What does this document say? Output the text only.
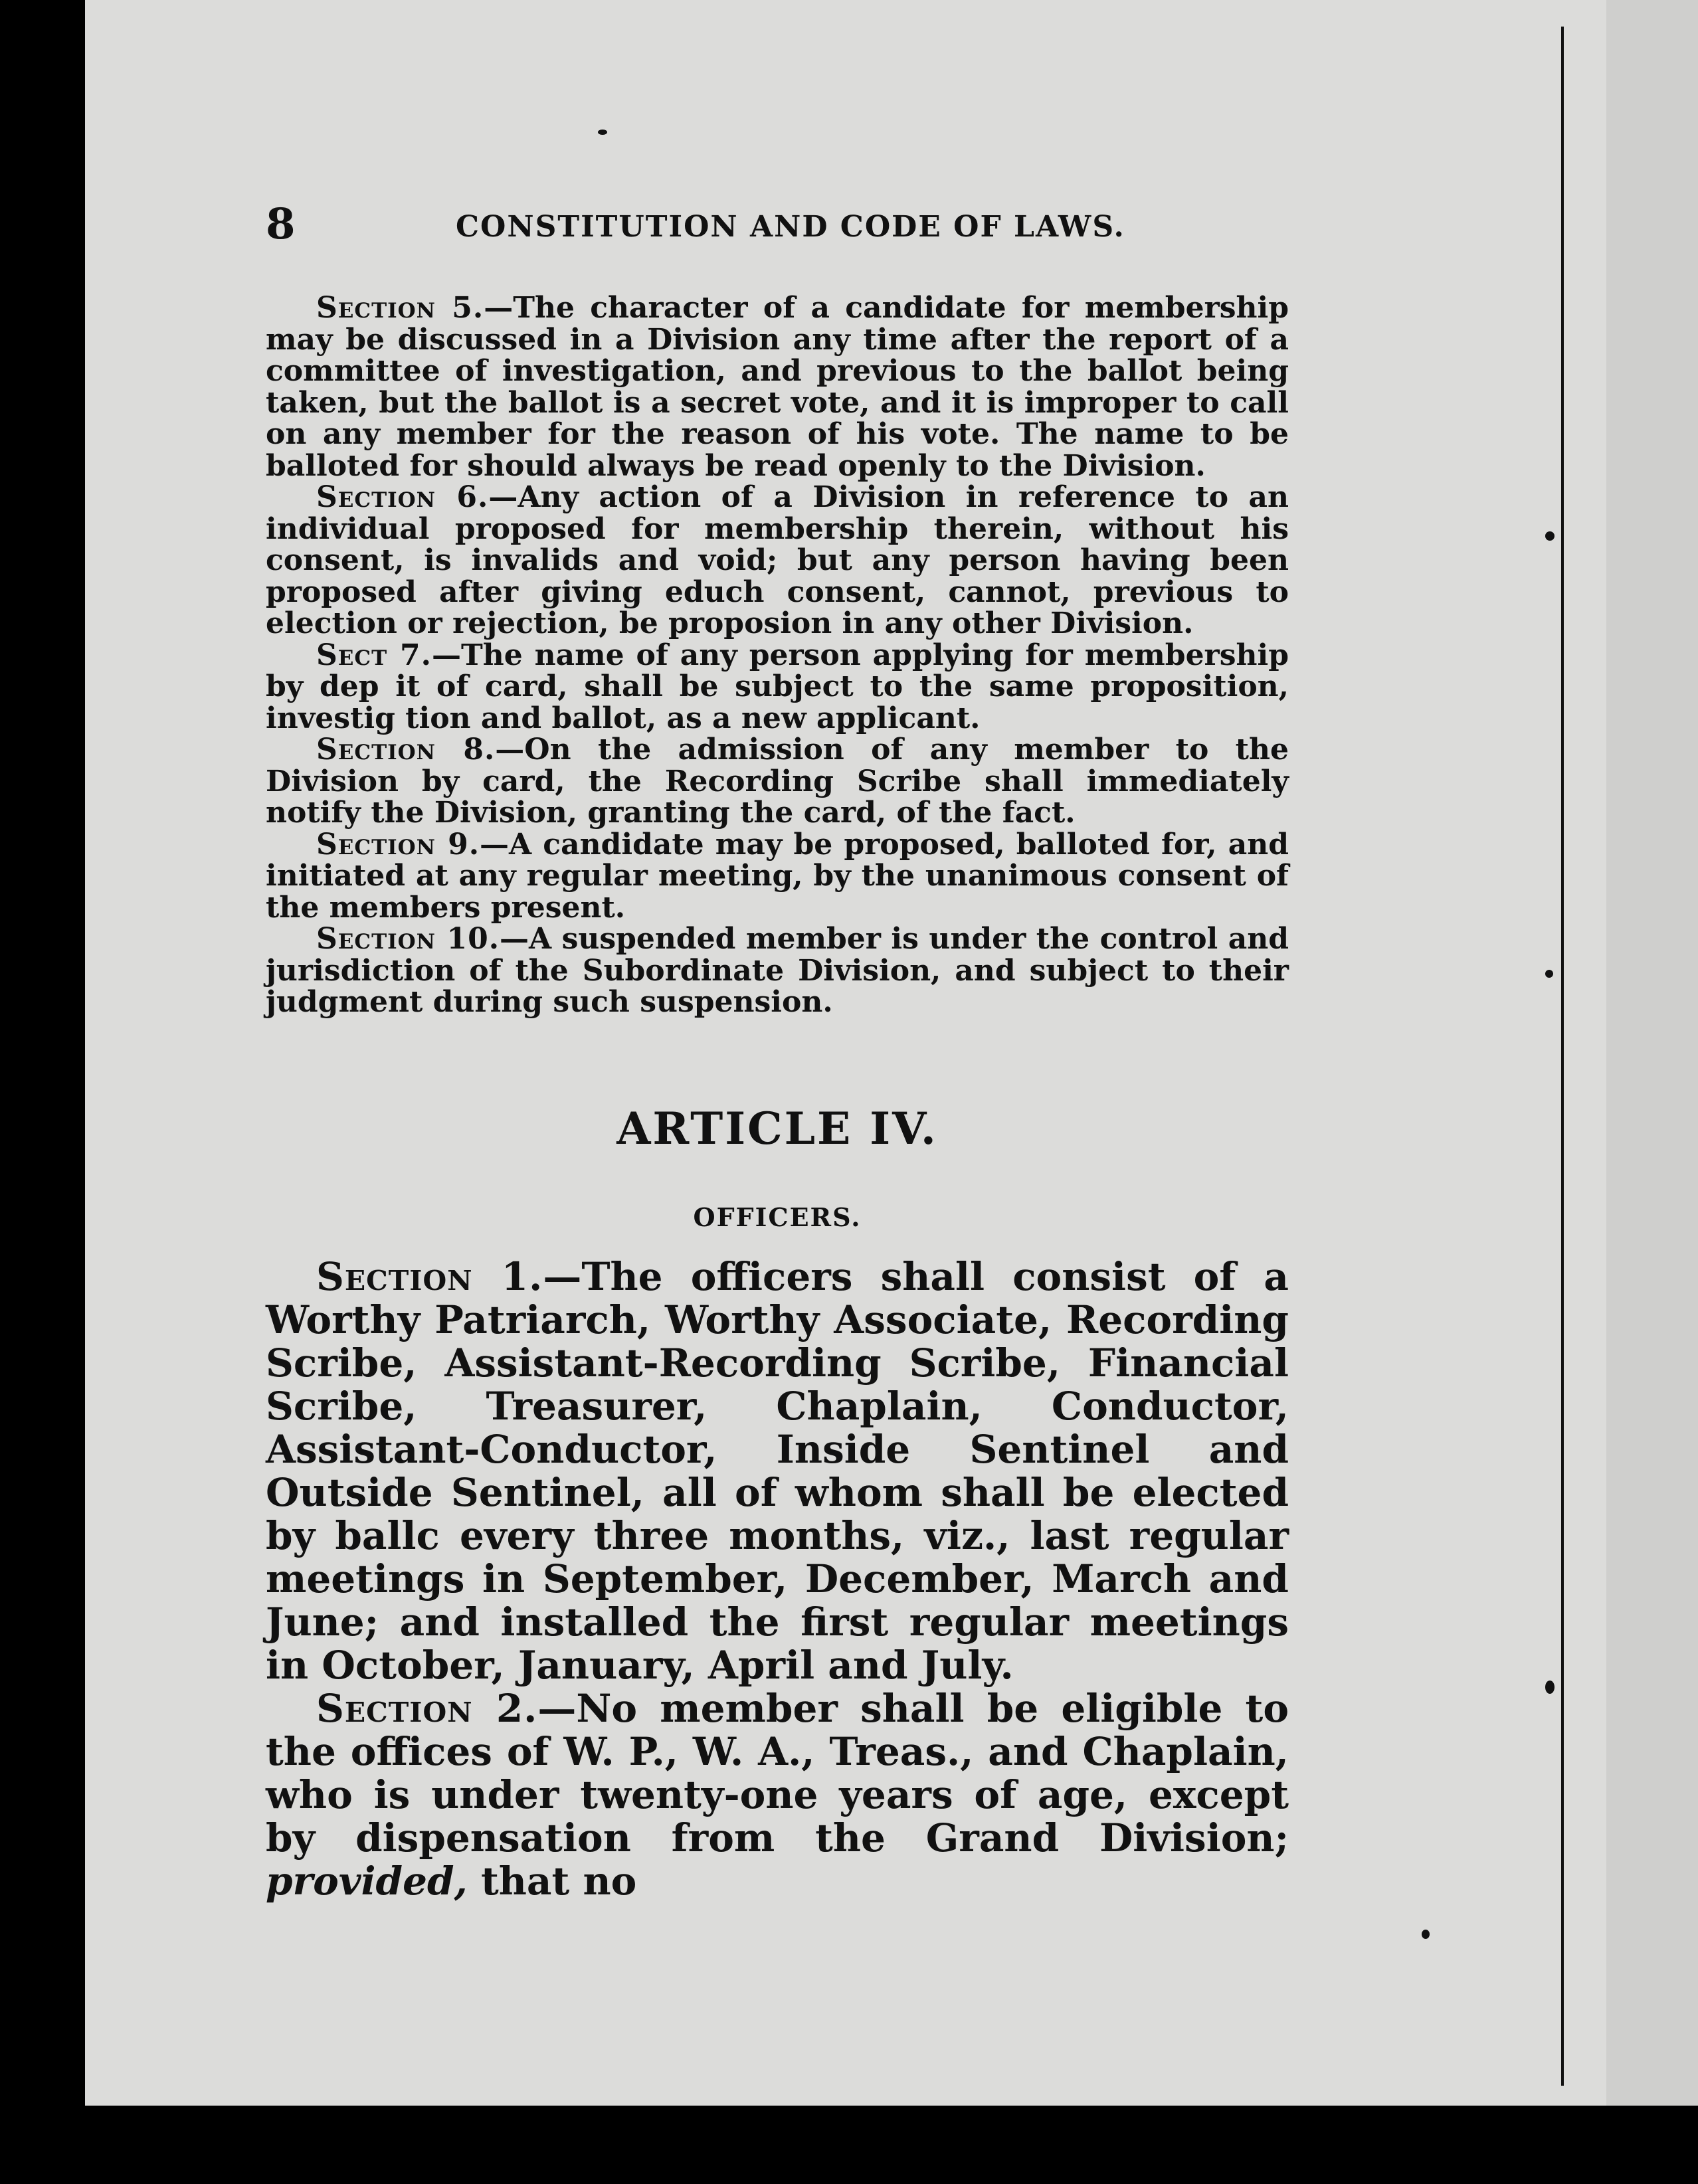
8	CONSTITUTION AND CODE OF LAWS.

Section 5.—The character of a candidate for membership may be discussed in a Division any time after the report of a committee of investigation, and previous to the ballot being taken, but the ballot is a secret vote, and it is improper to call on any member for the reason of his vote. The name to be balloted for should always be read openly to the Division.

Section 6.—Any action of a Division in reference to an individual proposed for membership therein, without his consent, is invalids and void; but any person having been proposed after giving educh consent, cannot, previous to election or rejection, be proposion in any other Division.

Sect 7.—The name of any person applying for membership by dep it of card, shall be subject to the same proposition, investig tion and ballot, as a new applicant.

Section 8.—On the admission of any member to the Division by card, the Recording Scribe shall immediately notify the Division, granting the card, of the fact.

Section 9.—A candidate may be proposed, balloted for, and initiated at any regular meeting, by the unanimous consent of the members present.

Section 10.—A suspended member is under the control and jurisdiction of the Subordinate Division, and subject to their judgment during such suspension.

ARTICLE IV.
OFFICERS.

Section 1.—The officers shall consist of a Worthy Patriarch, Worthy Associate, Recording Scribe, Assistant-Recording Scribe, Financial Scribe, Treasurer, Chaplain, Conductor, Assistant-Conductor, Inside Sentinel and Outside Sentinel, all of whom shall be elected by ballc every three months, viz., last regular meetings in September, December, March and June; and installed the first regular meetings in October, January, April and July.

Section 2.—No member shall be eligible to the offices of W. P., W. A., Treas., and Chaplain, who is under twenty-one years of age, except by dispensation from the Grand Division; provided, that no
